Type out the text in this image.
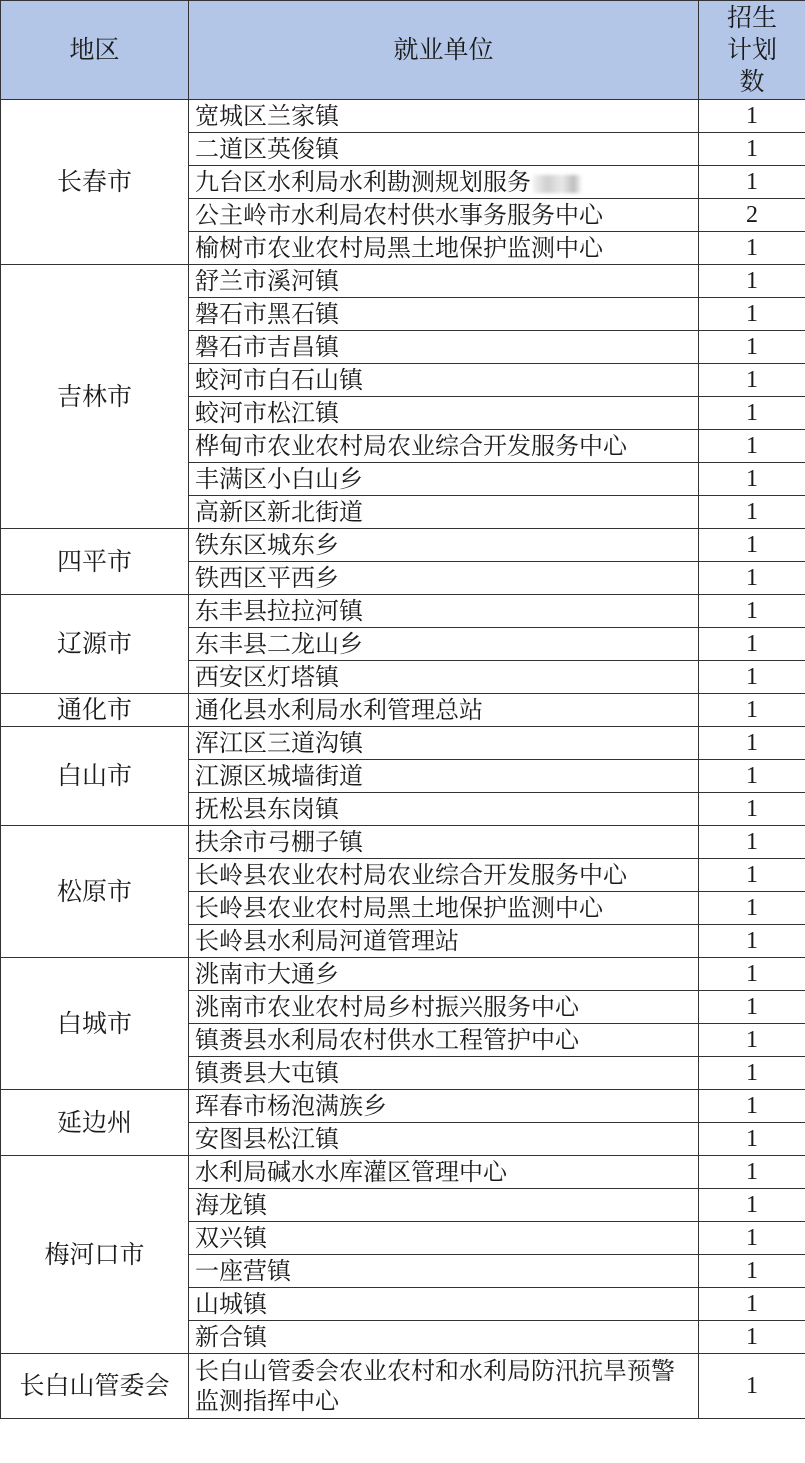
地区	就业单位	招生计划数
长春市	宽城区兰家镇	1
	二道区英俊镇	1
	九台区水利局水利勘测规划服务	1
	公主岭市水利局农村供水事务服务中心	2
	榆树市农业农村局黑土地保护监测中心	1
吉林市	舒兰市溪河镇	1
	磐石市黑石镇	1
	磐石市吉昌镇	1
	蛟河市白石山镇	1
	蛟河市松江镇	1
	桦甸市农业农村局农业综合开发服务中心	1
	丰满区小白山乡	1
	高新区新北街道	1
四平市	铁东区城东乡	1
	铁西区平西乡	1
辽源市	东丰县拉拉河镇	1
	东丰县二龙山乡	1
	西安区灯塔镇	1
通化市	通化县水利局水利管理总站	1
白山市	浑江区三道沟镇	1
	江源区城墙街道	1
	抚松县东岗镇	1
松原市	扶余市弓棚子镇	1
	长岭县农业农村局农业综合开发服务中心	1
	长岭县农业农村局黑土地保护监测中心	1
	长岭县水利局河道管理站	1
白城市	洮南市大通乡	1
	洮南市农业农村局乡村振兴服务中心	1
	镇赉县水利局农村供水工程管护中心	1
	镇赉县大屯镇	1
延边州	珲春市杨泡满族乡	1
	安图县松江镇	1
梅河口市	水利局碱水水库灌区管理中心	1
	海龙镇	1
	双兴镇	1
	一座营镇	1
	山城镇	1
	新合镇	1
长白山管委会	长白山管委会农业农村和水利局防汛抗旱预警监测指挥中心	1
